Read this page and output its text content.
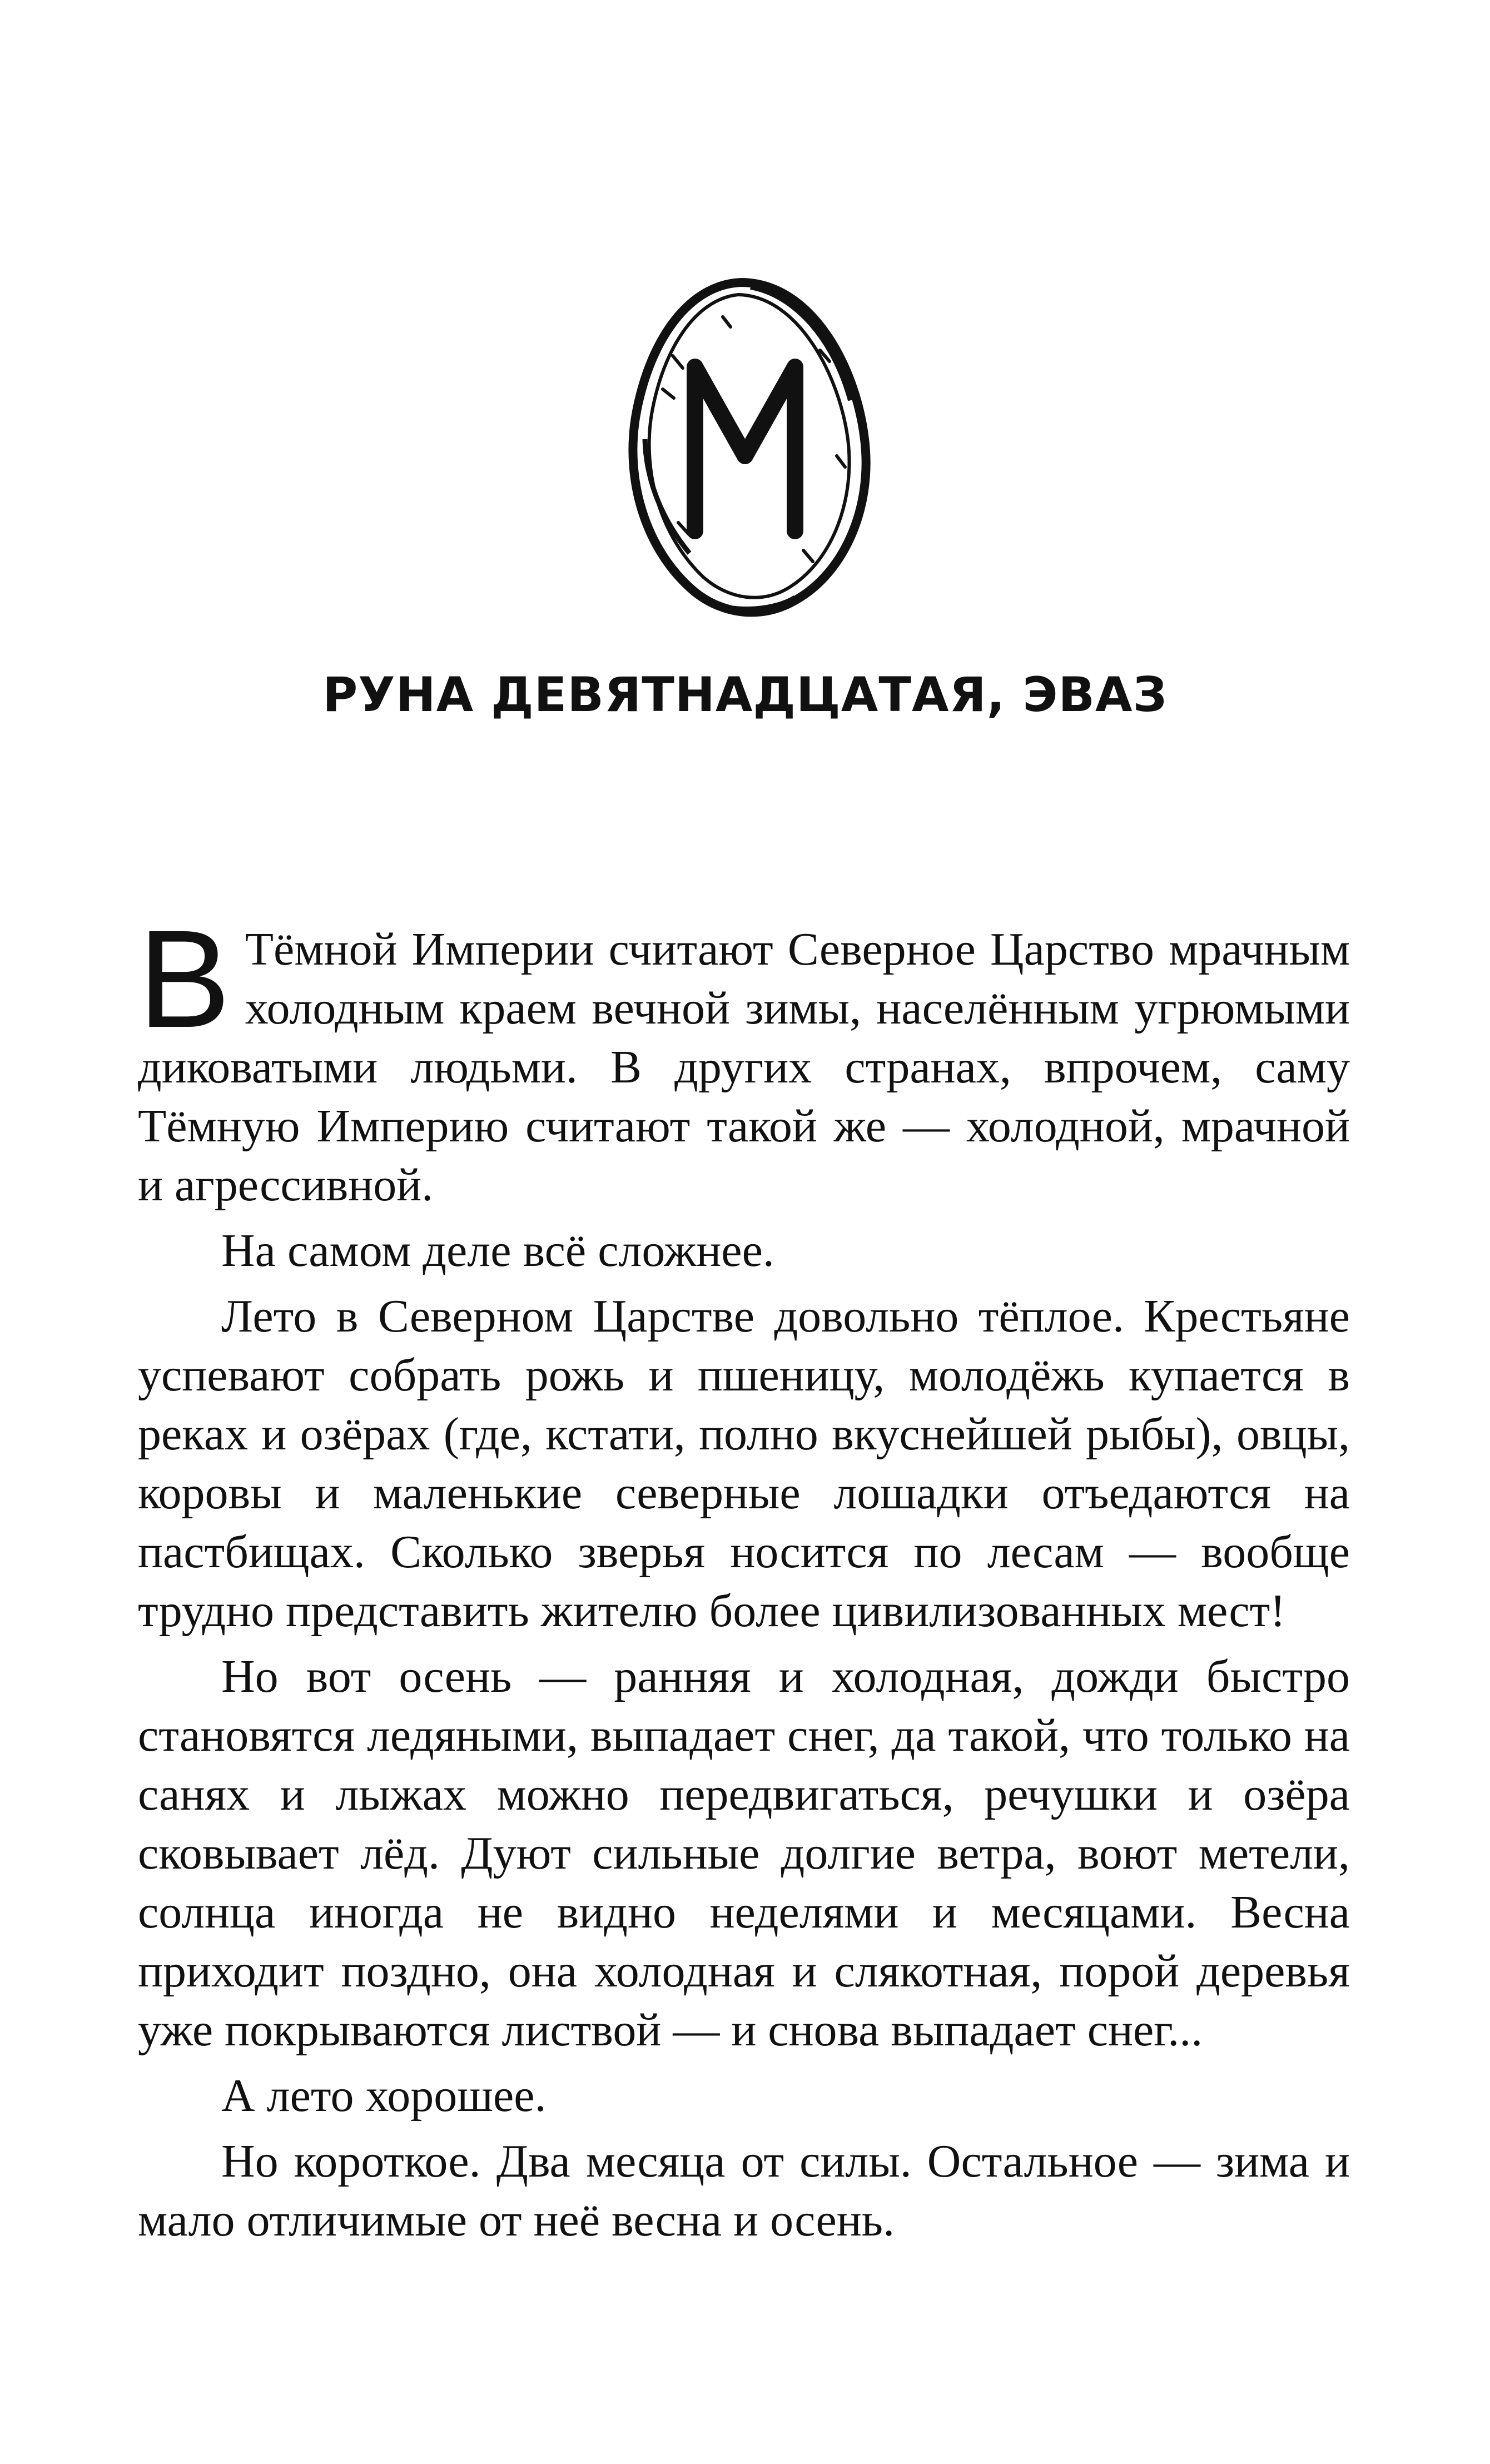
РУНА ДЕВЯТНАДЦАТАЯ, ЭВАЗ

В Тёмной Империи считают Северное Царство мрачным холодным краем вечной зимы, населённым угрюмыми диковатыми людьми. В других странах, впрочем, саму Тёмную Империю считают такой же — холодной, мрачной и агрессивной.

На самом деле всё сложнее.

Лето в Северном Царстве довольно тёплое. Крестьяне успевают собрать рожь и пшеницу, молодёжь купается в реках и озёрах (где, кстати, полно вкуснейшей рыбы), овцы, коровы и маленькие северные лошадки отъедаются на пастбищах. Сколько зверья носится по лесам — вообще трудно представить жителю более цивилизованных мест!

Но вот осень — ранняя и холодная, дожди быстро становятся ледяными, выпадает снег, да такой, что только на санях и лыжах можно передвигаться, речушки и озёра сковывает лёд. Дуют сильные долгие ветра, воют метели, солнца иногда не видно неделями и месяцами. Весна приходит поздно, она холодная и слякотная, порой деревья уже покрываются листвой — и снова выпадает снег...

А лето хорошее.

Но короткое. Два месяца от силы. Остальное — зима и мало отличимые от неё весна и осень.
